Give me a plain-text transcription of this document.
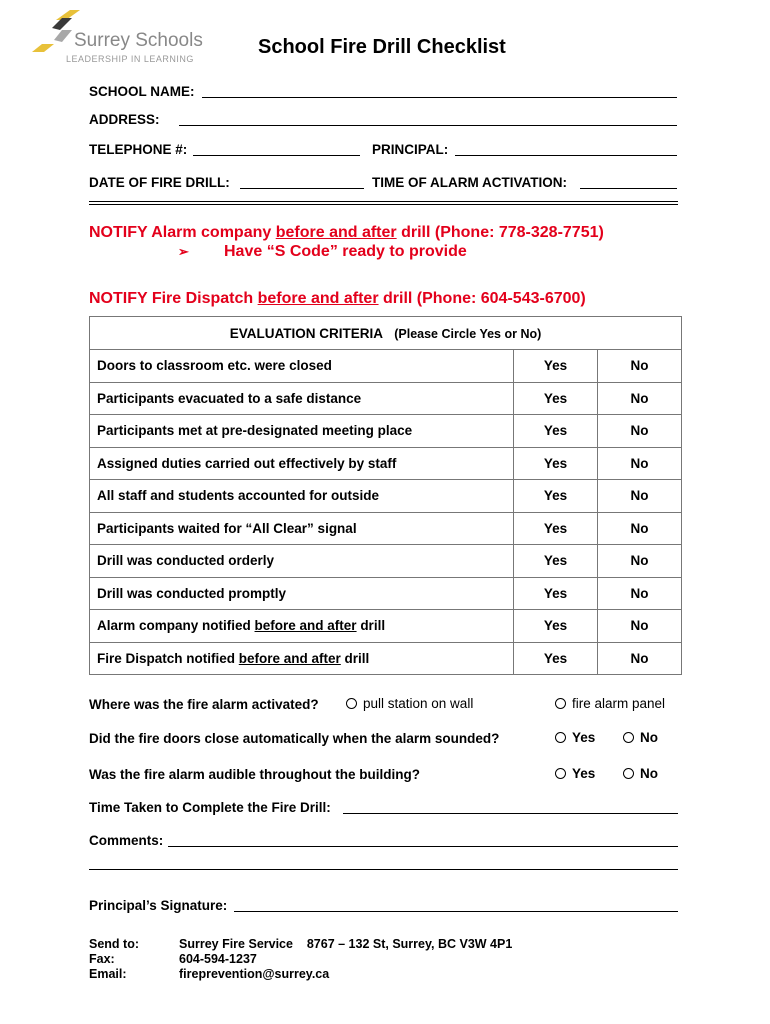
Surrey Schools
LEADERSHIP IN LEARNING
School Fire Drill Checklist
SCHOOL NAME:
ADDRESS:
TELEPHONE #:	PRINCIPAL:
DATE OF FIRE DRILL:	TIME OF ALARM ACTIVATION:
NOTIFY Alarm company before and after drill (Phone: 778-328-7751)
➢ Have “S Code” ready to provide
NOTIFY Fire Dispatch before and after drill (Phone: 604-543-6700)
EVALUATION CRITERIA (Please Circle Yes or No)		
Doors to classroom etc. were closed	Yes	No
Participants evacuated to a safe distance	Yes	No
Participants met at pre-designated meeting place	Yes	No
Assigned duties carried out effectively by staff	Yes	No
All staff and students accounted for outside	Yes	No
Participants waited for “All Clear” signal	Yes	No
Drill was conducted orderly	Yes	No
Drill was conducted promptly	Yes	No
Alarm company notified before and after drill	Yes	No
Fire Dispatch notified before and after drill	Yes	No
Where was the fire alarm activated?	pull station on wall	fire alarm panel
Did the fire doors close automatically when the alarm sounded?	Yes	No
Was the fire alarm audible throughout the building?	Yes	No
Time Taken to Complete the Fire Drill:
Comments:
Principal’s Signature:
Send to:	Surrey Fire Service    8767 – 132 St, Surrey, BC V3W 4P1
Fax:	604-594-1237
Email:	fireprevention@surrey.ca
